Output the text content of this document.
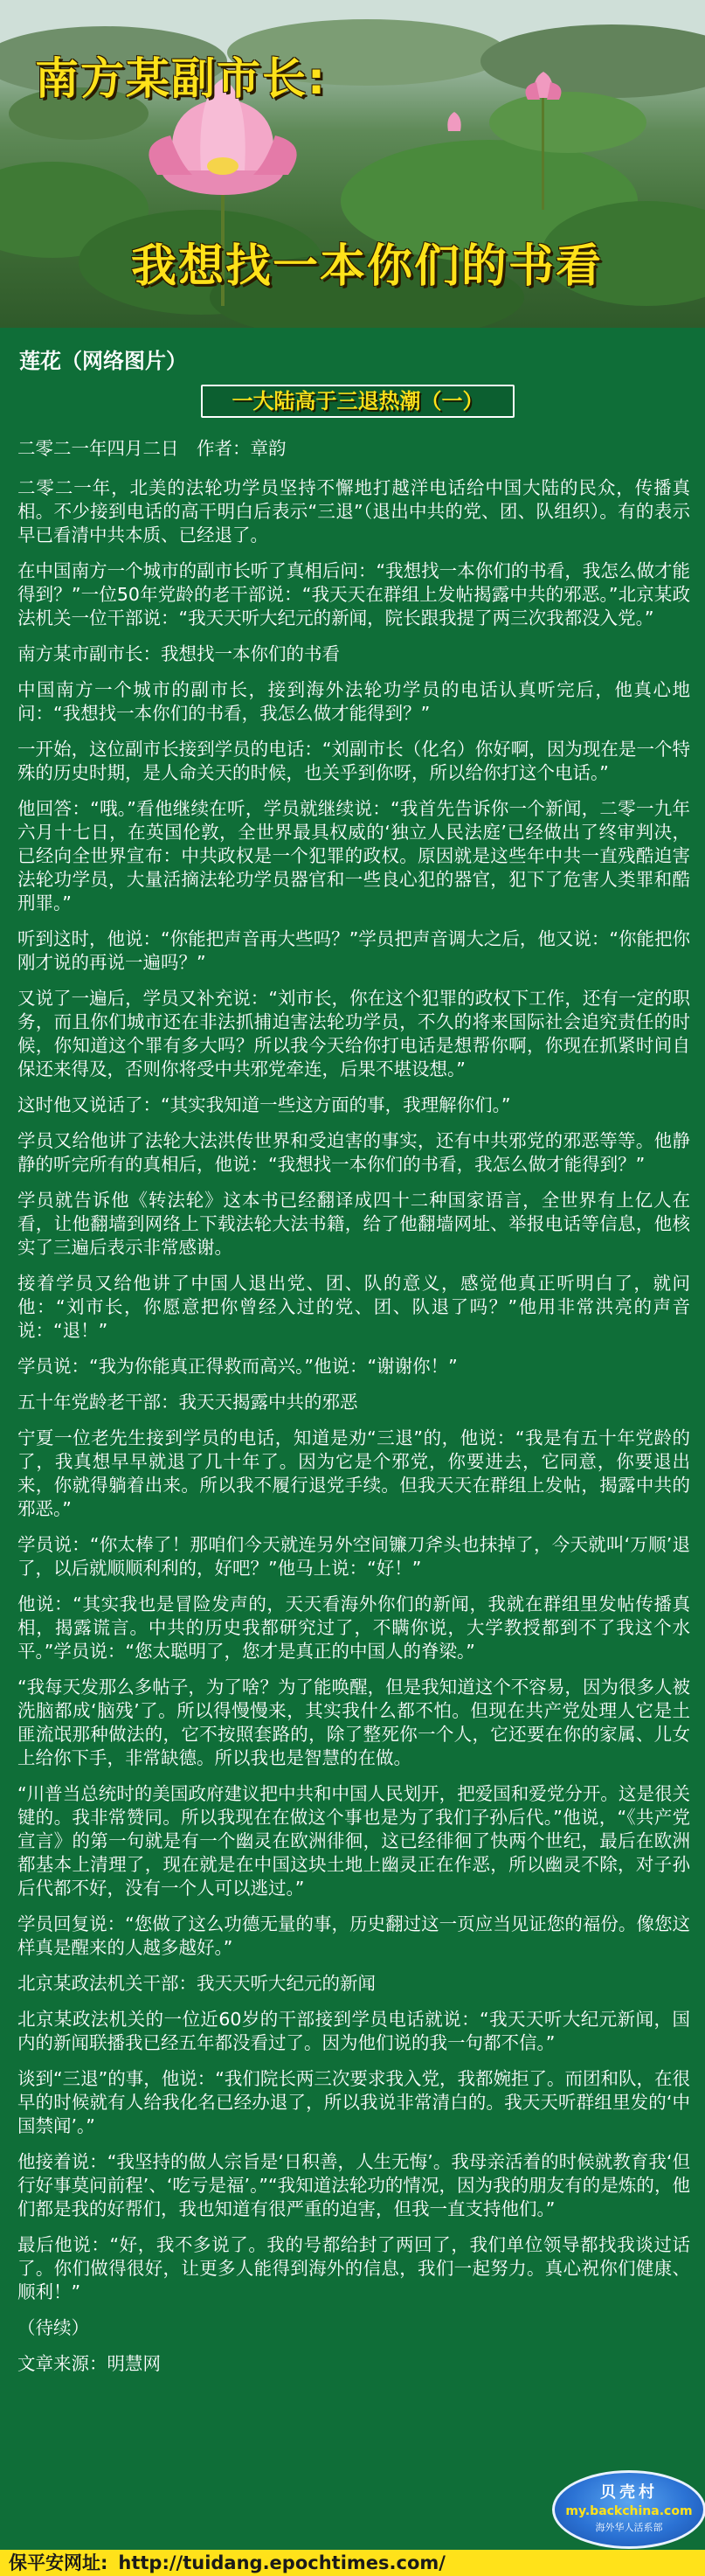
南方某副市长:
我想找一本你们的书看
莲花（网络图片）
一大陆高于三退热潮（一）

二零二一年四月二日　作者：章韵

二零二一年，北美的法轮功学员坚持不懈地打越洋电话给中国大陆的民众，传播真相。不少接到电话的高干明白后表示“三退”（退出中共的党、团、队组织）。有的表示早已看清中共本质、已经退了。

在中国南方一个城市的副市长听了真相后问：“我想找一本你们的书看，我怎么做才能得到？”一位50年党龄的老干部说：“我天天在群组上发帖揭露中共的邪恶。”北京某政法机关一位干部说：“我天天听大纪元的新闻，院长跟我提了两三次我都没入党。”

南方某市副市长：我想找一本你们的书看

中国南方一个城市的副市长，接到海外法轮功学员的电话认真听完后，他真心地问：“我想找一本你们的书看，我怎么做才能得到？”

一开始，这位副市长接到学员的电话：“刘副市长（化名）你好啊，因为现在是一个特殊的历史时期，是人命关天的时候，也关乎到你呀，所以给你打这个电话。”

他回答：“哦。”看他继续在听，学员就继续说：“我首先告诉你一个新闻，二零一九年六月十七日，在英国伦敦，全世界最具权威的‘独立人民法庭’已经做出了终审判决，已经向全世界宣布：中共政权是一个犯罪的政权。原因就是这些年中共一直残酷迫害法轮功学员，大量活摘法轮功学员器官和一些良心犯的器官，犯下了危害人类罪和酷刑罪。”

听到这时，他说：“你能把声音再大些吗？”学员把声音调大之后，他又说：“你能把你刚才说的再说一遍吗？”

又说了一遍后，学员又补充说：“刘市长，你在这个犯罪的政权下工作，还有一定的职务，而且你们城市还在非法抓捕迫害法轮功学员，不久的将来国际社会追究责任的时候，你知道这个罪有多大吗？所以我今天给你打电话是想帮你啊，你现在抓紧时间自保还来得及，否则你将受中共邪党牵连，后果不堪设想。”

这时他又说话了：“其实我知道一些这方面的事，我理解你们。”

学员又给他讲了法轮大法洪传世界和受迫害的事实，还有中共邪党的邪恶等等。他静静的听完所有的真相后，他说：“我想找一本你们的书看，我怎么做才能得到？”

学员就告诉他《转法轮》这本书已经翻译成四十二种国家语言，全世界有上亿人在看，让他翻墙到网络上下载法轮大法书籍，给了他翻墙网址、举报电话等信息，他核实了三遍后表示非常感谢。

接着学员又给他讲了中国人退出党、团、队的意义，感觉他真正听明白了，就问他：“刘市长，你愿意把你曾经入过的党、团、队退了吗？”他用非常洪亮的声音说：“退！”

学员说：“我为你能真正得救而高兴。”他说：“谢谢你！”

五十年党龄老干部：我天天揭露中共的邪恶

宁夏一位老先生接到学员的电话，知道是劝“三退”的，他说：“我是有五十年党龄的了，我真想早早就退了几十年了。因为它是个邪党，你要进去，它同意，你要退出来，你就得躺着出来。所以我不履行退党手续。但我天天在群组上发帖，揭露中共的邪恶。”

学员说：“你太棒了！那咱们今天就连另外空间镰刀斧头也抹掉了，今天就叫‘万顺’退了，以后就顺顺利利的，好吧？”他马上说：“好！”

他说：“其实我也是冒险发声的，天天看海外你们的新闻，我就在群组里发帖传播真相，揭露谎言。中共的历史我都研究过了，不瞒你说，大学教授都到不了我这个水平。”学员说：“您太聪明了，您才是真正的中国人的脊梁。”

“我每天发那么多帖子，为了啥？为了能唤醒，但是我知道这个不容易，因为很多人被洗脑都成‘脑残’了。所以得慢慢来，其实我什么都不怕。但现在共产党处理人它是土匪流氓那种做法的，它不按照套路的，除了整死你一个人，它还要在你的家属、儿女上给你下手，非常缺德。所以我也是智慧的在做。

“川普当总统时的美国政府建议把中共和中国人民划开，把爱国和爱党分开。这是很关键的。我非常赞同。所以我现在在做这个事也是为了我们子孙后代。”他说，“《共产党宣言》的第一句就是有一个幽灵在欧洲徘徊，这已经徘徊了快两个世纪，最后在欧洲都基本上清理了，现在就是在中国这块土地上幽灵正在作恶，所以幽灵不除，对子孙后代都不好，没有一个人可以逃过。”

学员回复说：“您做了这么功德无量的事，历史翻过这一页应当见证您的福份。像您这样真是醒来的人越多越好。”

北京某政法机关干部：我天天听大纪元的新闻

北京某政法机关的一位近60岁的干部接到学员电话就说：“我天天听大纪元新闻，国内的新闻联播我已经五年都没看过了。因为他们说的我一句都不信。”

谈到“三退”的事，他说：“我们院长两三次要求我入党，我都婉拒了。而团和队，在很早的时候就有人给我化名已经办退了，所以我说非常清白的。我天天听群组里发的‘中国禁闻’。”

他接着说：“我坚持的做人宗旨是‘日积善，人生无悔’。我母亲活着的时候就教育我‘但行好事莫问前程’、‘吃亏是福’。”“我知道法轮功的情况，因为我的朋友有的是炼的，他们都是我的好帮们，我也知道有很严重的迫害，但我一直支持他们。”

最后他说：“好，我不多说了。我的号都给封了两回了，我们单位领导都找我谈过话了。你们做得很好，让更多人能得到海外的信息，我们一起努力。真心祝你们健康、顺利！”

（待续）

文章来源：明慧网

贝壳村
my.backchina.com
海外华人活系部
保平安网址: http://tuidang.epochtimes.com/
